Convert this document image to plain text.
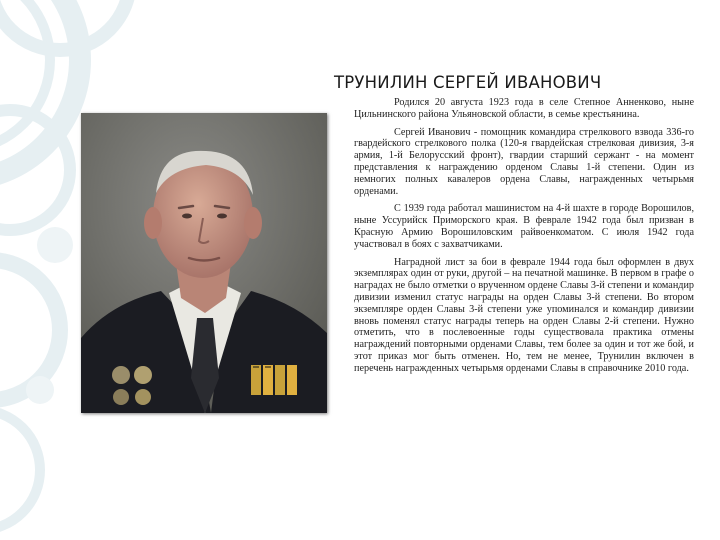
ТРУНИЛИН СЕРГЕЙ ИВАНОВИЧ

Родился 20 августа 1923 года в селе Степное Анненково, ныне Цильнинского района Ульяновской области, в семье крестьянина.

Сергей Иванович - помощник командира стрелкового взвода 336-го гвардейского стрелкового полка (120-я гвардейская стрелковая дивизия, 3-я армия, 1-й Белорусский фронт), гвардии старший сержант - на момент представления к награждению орденом Славы 1-й степени. Один из немногих полных кавалеров ордена Славы, награжденных четырьмя орденами.

С 1939 года работал машинистом на 4-й шахте в городе Ворошилов, ныне Уссурийск Приморского края. В феврале 1942 года был призван в Красную Армию Ворошиловским райвоенкоматом. С июля 1942 года участвовал в боях с захватчиками.

Наградной лист за бои в феврале 1944 года был оформлен в двух экземплярах один от руки, другой – на печатной машинке. В первом в графе о наградах не было отметки о врученном ордене Славы 3-й степени и командир дивизии изменил статус награды на орден Славы 3-й степени. Во втором экземпляре орден Славы 3-й степени уже упоминался и командир дивизии вновь поменял статус награды теперь на орден Славы 2-й степени. Нужно отметить, что в послевоенные годы существовала практика отмены награждений повторными орденами Славы, тем более за один и тот же бой, и этот приказ мог быть отменен. Но, тем не менее, Трунилин включен в перечень награжденных четырьмя орденами Славы в справочнике 2010 года.
